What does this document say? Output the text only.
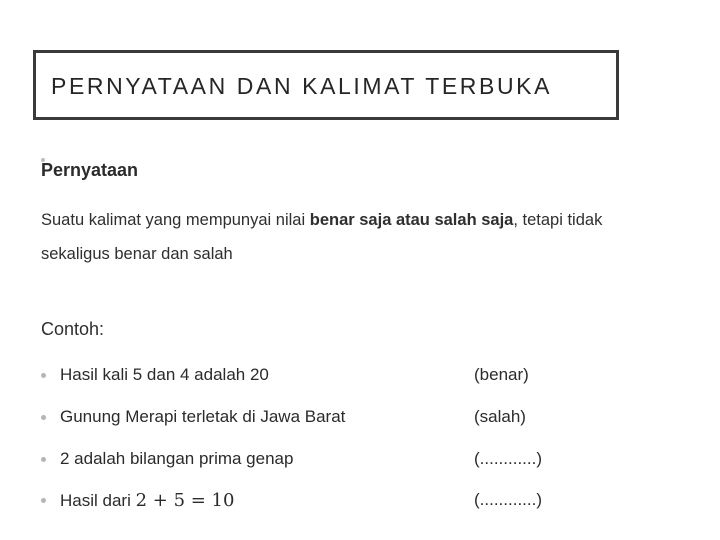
PERNYATAAN DAN KALIMAT TERBUKA
Pernyataan
Suatu kalimat yang mempunyai nilai benar saja atau salah saja, tetapi tidak sekaligus benar dan salah
Contoh:
Hasil kali 5 dan 4 adalah 20	(benar)
Gunung Merapi terletak di Jawa Barat	(salah)
2 adalah bilangan prima genap	(............)
Hasil dari 2 + 5 = 10	(............)
